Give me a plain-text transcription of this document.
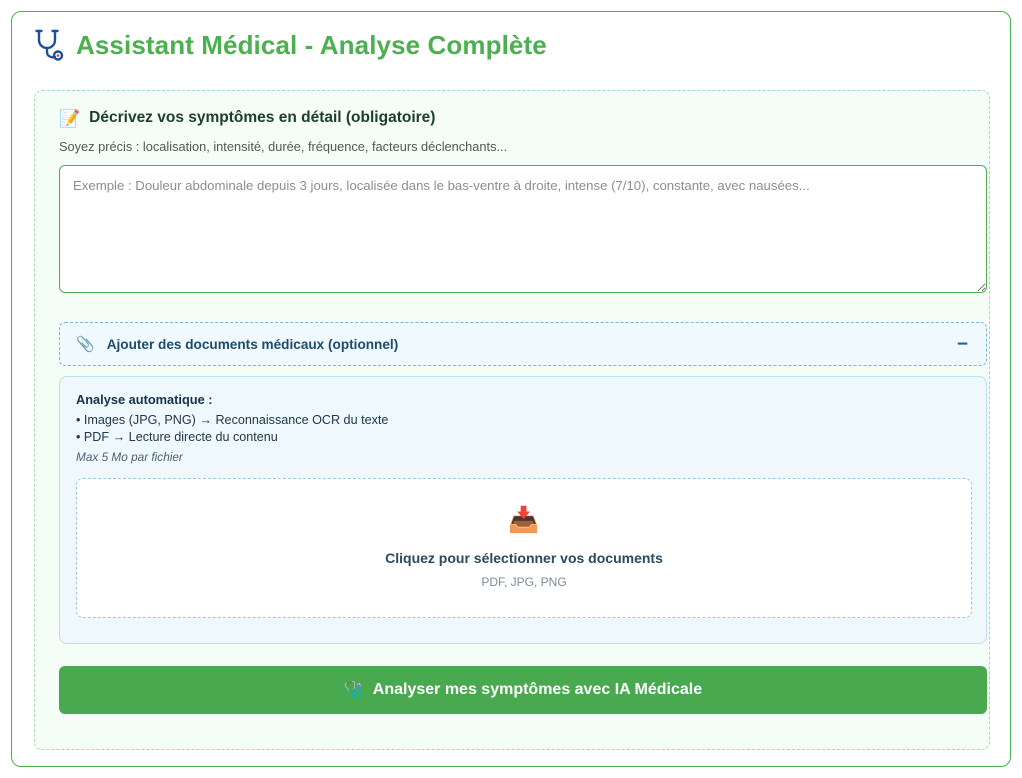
Assistant Médical - Analyse Complète
📝 Décrivez vos symptômes en détail (obligatoire)
Soyez précis : localisation, intensité, durée, fréquence, facteurs déclenchants...
Exemple : Douleur abdominale depuis 3 jours, localisée dans le bas-ventre à droite, intense (7/10), constante, avec nausées...
📎 Ajouter des documents médicaux (optionnel)	−
Analyse automatique :
• Images (JPG, PNG) → Reconnaissance OCR du texte
• PDF → Lecture directe du contenu
Max 5 Mo par fichier
📥
Cliquez pour sélectionner vos documents
PDF, JPG, PNG
🩺 Analyser mes symptômes avec IA Médicale
